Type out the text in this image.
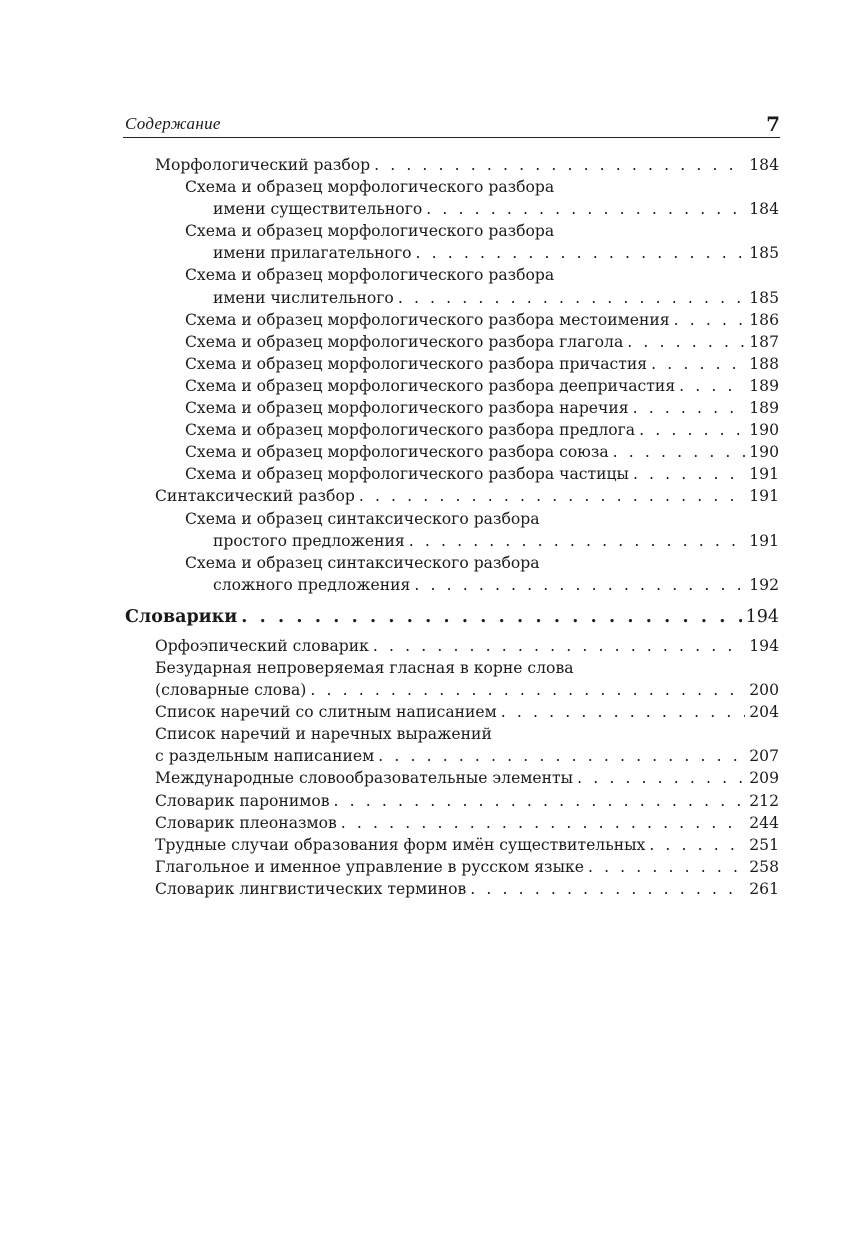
Содержание	7
Морфологический разбор . . .	184
Схема и образец морфологического разбора
имени существительного . . .	184
Схема и образец морфологического разбора
имени прилагательного . . .	185
Схема и образец морфологического разбора
имени числительного . . .	185
Схема и образец морфологического разбора местоимения . . .	186
Схема и образец морфологического разбора глагола . . .	187
Схема и образец морфологического разбора причастия . . .	188
Схема и образец морфологического разбора деепричастия . . .	189
Схема и образец морфологического разбора наречия . . .	189
Схема и образец морфологического разбора предлога . . .	190
Схема и образец морфологического разбора союза . . .	190
Схема и образец морфологического разбора частицы . . .	191
Синтаксический разбор . . .	191
Схема и образец синтаксического разбора
простого предложения . . .	191
Схема и образец синтаксического разбора
сложного предложения . . .	192
Словарики . . .	194
Орфоэпический словарик . . .	194
Безударная непроверяемая гласная в корне слова
(словарные слова) . . .	200
Список наречий со слитным написанием . . .	204
Список наречий и наречных выражений
с раздельным написанием . . .	207
Международные словообразовательные элементы . . .	209
Словарик паронимов . . .	212
Словарик плеоназмов . . .	244
Трудные случаи образования форм имён существительных . . .	251
Глагольное и именное управление в русском языке . . .	258
Словарик лингвистических терминов . . .	261
